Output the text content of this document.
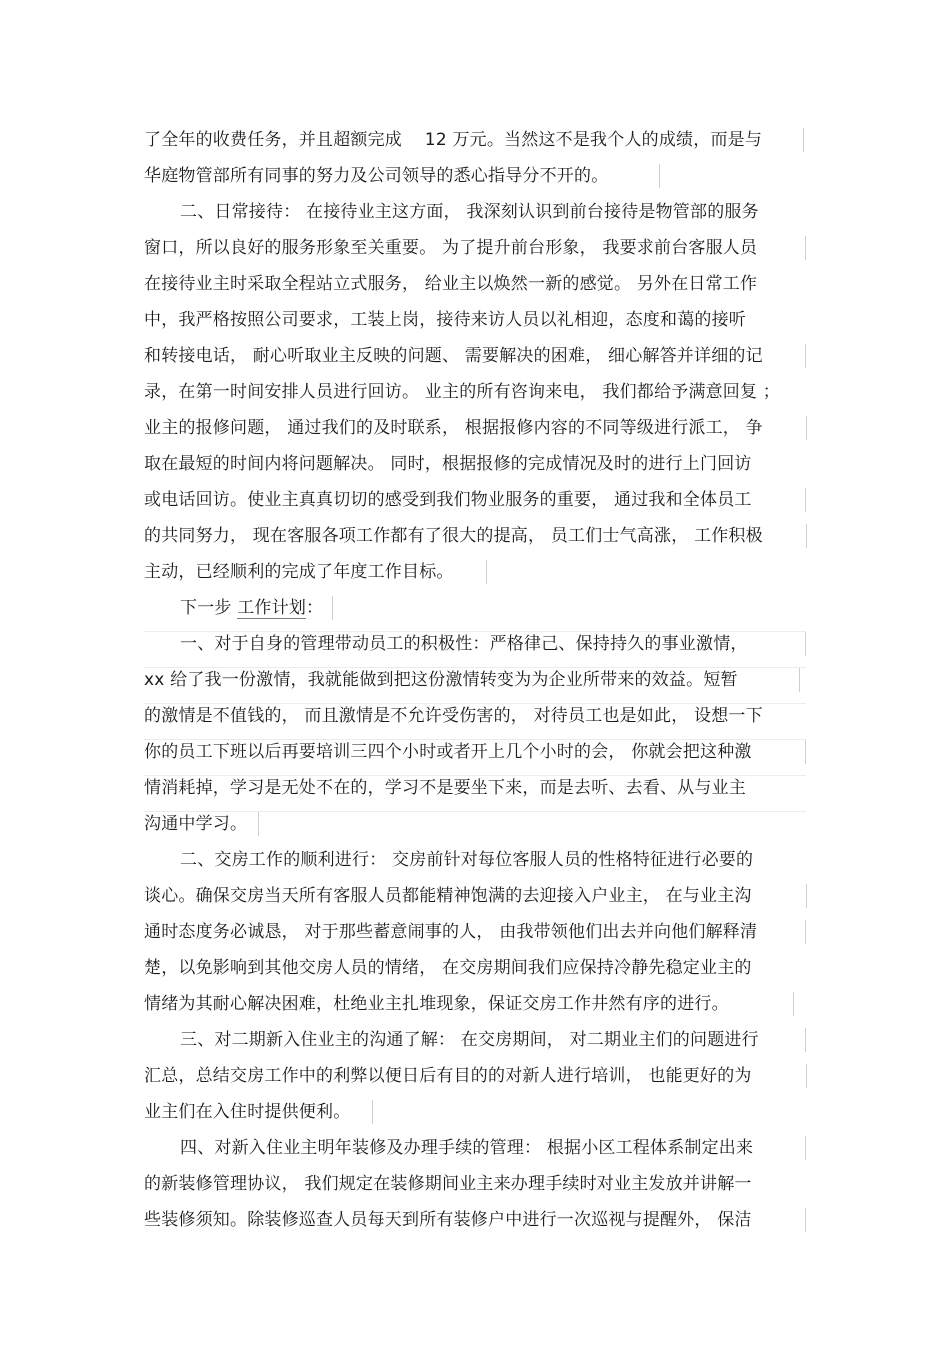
了全年的收费任务，并且超额完成　 12 万元。当然这不是我个人的成绩，而是与
华庭物管部所有同事的努力及公司领导的悉心指导分不开的。
二、日常接待： 在接待业主这方面， 我深刻认识到前台接待是物管部的服务
窗口，所以良好的服务形象至关重要。 为了提升前台形象， 我要求前台客服人员
在接待业主时采取全程站立式服务， 给业主以焕然一新的感觉。 另外在日常工作
中，我严格按照公司要求，工装上岗，接待来访人员以礼相迎，态度和蔼的接听
和转接电话， 耐心听取业主反映的问题、 需要解决的困难， 细心解答并详细的记
录，在第一时间安排人员进行回访。 业主的所有咨询来电， 我们都给予满意回复 ；
业主的报修问题， 通过我们的及时联系， 根据报修内容的不同等级进行派工， 争
取在最短的时间内将问题解决。 同时，根据报修的完成情况及时的进行上门回访
或电话回访。使业主真真切切的感受到我们物业服务的重要， 通过我和全体员工
的共同努力， 现在客服各项工作都有了很大的提高， 员工们士气高涨， 工作积极
主动，已经顺利的完成了年度工作目标。
下一步 工作计划：
一、对于自身的管理带动员工的积极性：严格律己、保持持久的事业激情，
xx 给了我一份激情，我就能做到把这份激情转变为为企业所带来的效益。短暂
的激情是不值钱的， 而且激情是不允许受伤害的， 对待员工也是如此， 设想一下
你的员工下班以后再要培训三四个小时或者开上几个小时的会， 你就会把这种激
情消耗掉，学习是无处不在的，学习不是要坐下来，而是去听、去看、从与业主
沟通中学习。
二、交房工作的顺利进行： 交房前针对每位客服人员的性格特征进行必要的
谈心。确保交房当天所有客服人员都能精神饱满的去迎接入户业主， 在与业主沟
通时态度务必诚恳， 对于那些蓄意闹事的人， 由我带领他们出去并向他们解释清
楚，以免影响到其他交房人员的情绪， 在交房期间我们应保持冷静先稳定业主的
情绪为其耐心解决困难，杜绝业主扎堆现象，保证交房工作井然有序的进行。
三、对二期新入住业主的沟通了解： 在交房期间， 对二期业主们的问题进行
汇总，总结交房工作中的利弊以便日后有目的的对新人进行培训， 也能更好的为
业主们在入住时提供便利。
四、对新入住业主明年装修及办理手续的管理： 根据小区工程体系制定出来
的新装修管理协议， 我们规定在装修期间业主来办理手续时对业主发放并讲解一
些装修须知。除装修巡查人员每天到所有装修户中进行一次巡视与提醒外， 保洁
